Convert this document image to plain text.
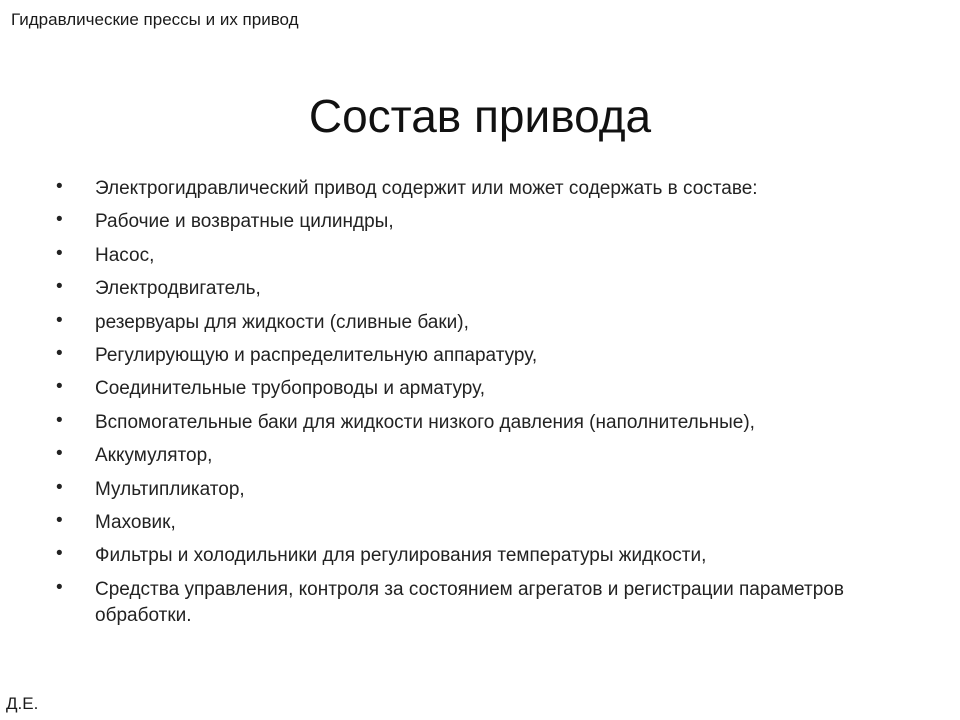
Гидравлические прессы и их привод
Состав привода
•	Электрогидравлический привод содержит или может содержать в составе:
•	Рабочие и возвратные цилиндры,
•	Насос,
•	Электродвигатель,
•	резервуары для жидкости (сливные баки),
•	Регулирующую и распределительную аппаратуру,
•	Соединительные трубопроводы и арматуру,
•	Вспомогательные баки для жидкости низкого давления (наполнительные),
•	Аккумулятор,
•	Мультипликатор,
•	Маховик,
•	Фильтры и холодильники для регулирования температуры жидкости,
•	Средства управления, контроля за состоянием агрегатов и регистрации параметров обработки.
Д.Е.
